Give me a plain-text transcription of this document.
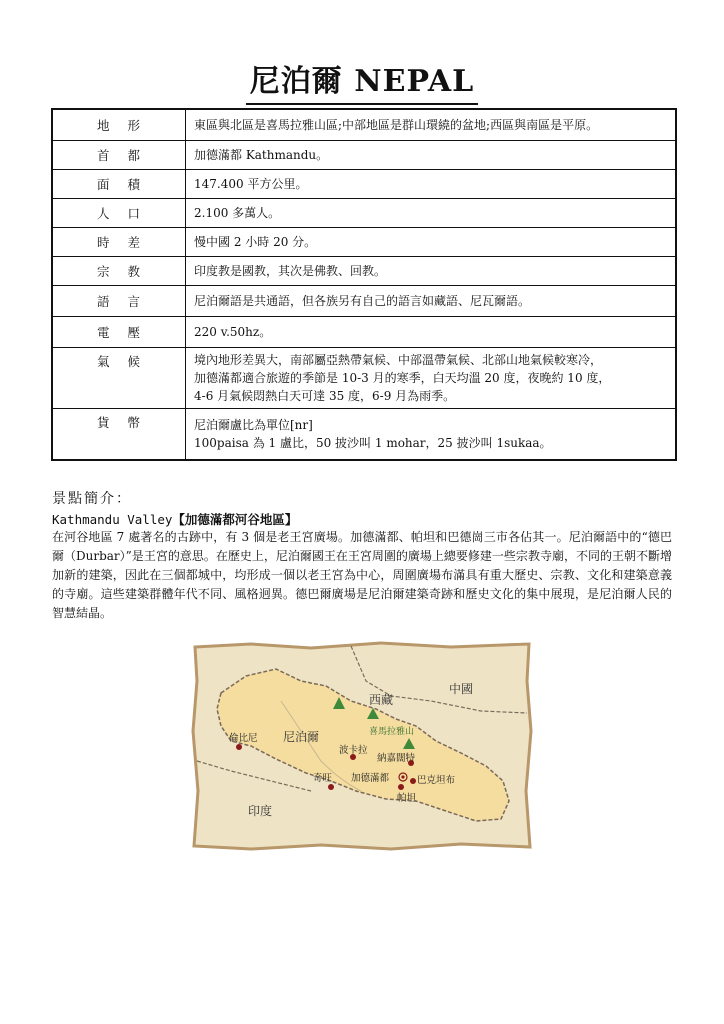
尼泊爾 NEPAL
地形	東區與北區是喜馬拉雅山區;中部地區是群山環繞的盆地;西區與南區是平原。
首都	加德滿都 Kathmandu。
面積	147.400 平方公里。
人口	2.100 多萬人。
時差	慢中國 2 小時 20 分。
宗教	印度教是國教，其次是佛教、回教。
語言	尼泊爾語是共通語，但各族另有自己的語言如藏語、尼瓦爾語。
電壓	220 v.50hz。
氣候	境內地形差異大，南部屬亞熱帶氣候、中部溫帶氣候、北部山地氣候較寒冷，
加德滿都適合旅遊的季節是 10-3 月的寒季，白天均溫 20 度，夜晚約 10 度，
4-6 月氣候悶熱白天可達 35 度，6-9 月為雨季。

貨幣	尼泊爾盧比為單位[nr]
100paisa 為 1 盧比，50 披沙叫 1 mohar，25 披沙叫 1sukaa。
景點簡介：
Kathmandu Valley【加德滿都河谷地區】
在河谷地區 7 處著名的古跡中，有 3 個是老王宮廣場。加德滿都、帕坦和巴德崗三市各佔其一。尼泊爾語中的“德巴爾（Durbar）”是王宮的意思。在歷史上，尼泊爾國王在王宮周圍的廣場上總要修建一些宗教寺廟，不同的王朝不斷增加新的建築，因此在三個都城中，均形成一個以老王宮為中心，周圍廣場布滿具有重大歷史、宗教、文化和建築意義的寺廟。這些建築群體年代不同、風格迥異。德巴爾廣場是尼泊爾建築奇跡和歷史文化的集中展現，是尼泊爾人民的智慧結晶。
中國
西藏
喜馬拉雅山
尼泊爾
印度
倫比尼
波卡拉
納嘉闊特
奇旺 加德滿都	巴克坦布
帕坦
